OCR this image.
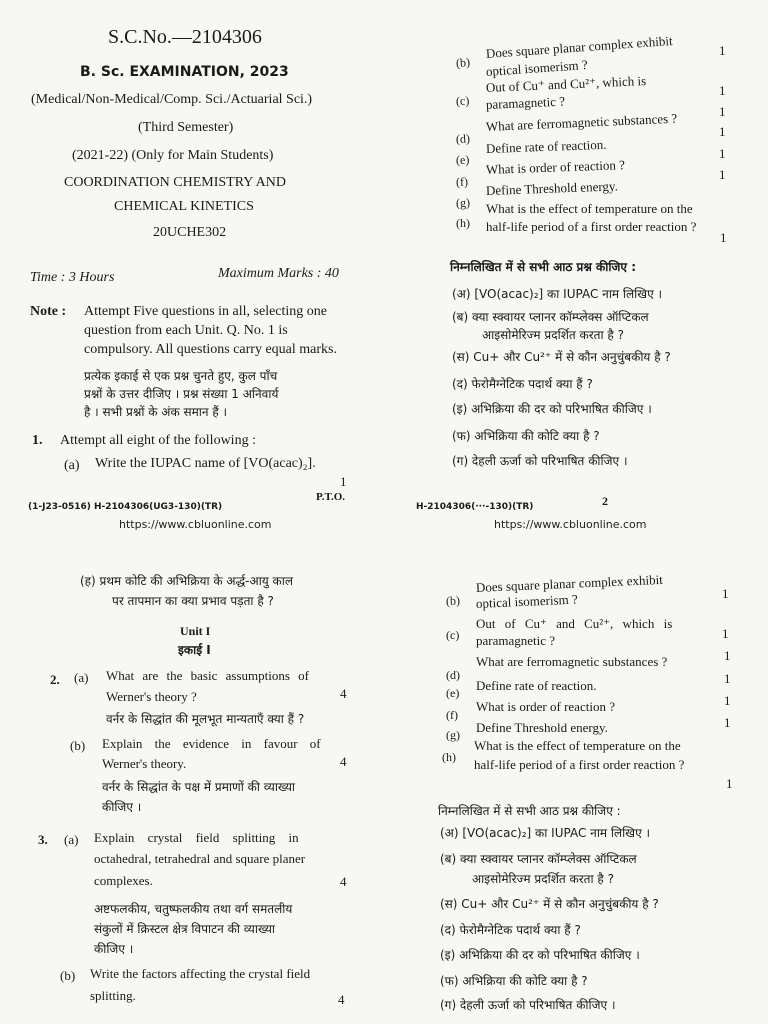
S.C.No.—2104306
B. Sc. EXAMINATION, 2023
(Medical/Non-Medical/Comp. Sci./Actuarial Sci.)
(Third Semester)
(2021-22) (Only for Main Students)
COORDINATION CHEMISTRY AND
CHEMICAL KINETICS
20UCHE302
Time : 3 Hours	Maximum Marks : 40
Note : Attempt Five questions in all, selecting one
question from each Unit. Q. No. 1 is
compulsory. All questions carry equal marks.
प्रत्येक इकाई से एक प्रश्न चुनते हुए, कुल पाँच
प्रश्नों के उत्तर दीजिए । प्रश्न संख्या 1 अनिवार्य
है । सभी प्रश्नों के अंक समान हैं ।
1. Attempt all eight of the following :
(a) Write the IUPAC name of [VO(acac)₂].
1
P.T.O.
(1-J23-0516) H-2104306(UG3-130)(TR)
https://www.cbluonline.com
(b)
Does square planar complex exhibit
optical isomerism ?
1
(c)
Out of Cu⁺ and Cu²⁺, which is
paramagnetic ?
1
(d)
What are ferromagnetic substances ?	1
(e)
Define rate of reaction.
1
(f)
What is order of reaction ?
1
(g)
Define Threshold energy.
1
(h)
What is the effect of temperature on the
half-life period of a first order reaction ?
1
निम्नलिखित में से सभी आठ प्रश्न कीजिए :
(अ) [VO(acac)₂] का IUPAC नाम लिखिए ।
(ब) क्या स्क्वायर प्लानर कॉम्प्लेक्स ऑप्टिकल
आइसोमेरिज्म प्रदर्शित करता है ?
(स) Cu+ और Cu²⁺ में से कौन अनुचुंबकीय है ?
(द) फेरोमैग्नेटिक पदार्थ क्या हैं ?
(इ) अभिक्रिया की दर को परिभाषित कीजिए ।
(फ) अभिक्रिया की कोटि क्या है ?
(ग) देहली ऊर्जा को परिभाषित कीजिए ।
H-2104306(···-130)(TR)	2
https://www.cbluonline.com
(ह) प्रथम कोटि की अभिक्रिया के अर्द्ध-आयु काल
पर तापमान का क्या प्रभाव पड़ता है ?
Unit I
इकाई I
2. (a) What are the basic assumptions of
Werner's theory ?	4
वर्नर के सिद्धांत की मूलभूत मान्यताएँ क्या हैं ?
(b) Explain the evidence in favour of
Werner's theory.	4
वर्नर के सिद्धांत के पक्ष में प्रमाणों की व्याख्या
कीजिए ।
3. (a) Explain crystal field splitting in
octahedral, tetrahedral and square planer
complexes.	4
अष्टफलकीय, चतुष्फलकीय तथा वर्ग समतलीय
संकुलों में क्रिस्टल क्षेत्र विपाटन की व्याख्या
कीजिए ।
(b) Write the factors affecting the crystal field
splitting.	4
(b)
Does square planar complex exhibit
optical isomerism ?	1
(c)
Out of Cu⁺ and Cu²⁺, which is
paramagnetic ?	1
(d)
What are ferromagnetic substances ?	1
(e) Define rate of reaction.	1
(f)
What is order of reaction ?	1
(g) Define Threshold energy.	1
(h)
What is the effect of temperature on the
half-life period of a first order reaction ?
1
निम्नलिखित में से सभी आठ प्रश्न कीजिए :
(अ) [VO(acac)₂] का IUPAC नाम लिखिए ।
(ब) क्या स्क्वायर प्लानर कॉम्प्लेक्स ऑप्टिकल
आइसोमेरिज्म प्रदर्शित करता है ?
(स) Cu+ और Cu²⁺ में से कौन अनुचुंबकीय है ?
(द) फेरोमैग्नेटिक पदार्थ क्या हैं ?
(इ) अभिक्रिया की दर को परिभाषित कीजिए ।
(फ) अभिक्रिया की कोटि क्या है ?
(ग) देहली ऊर्जा को परिभाषित कीजिए ।
